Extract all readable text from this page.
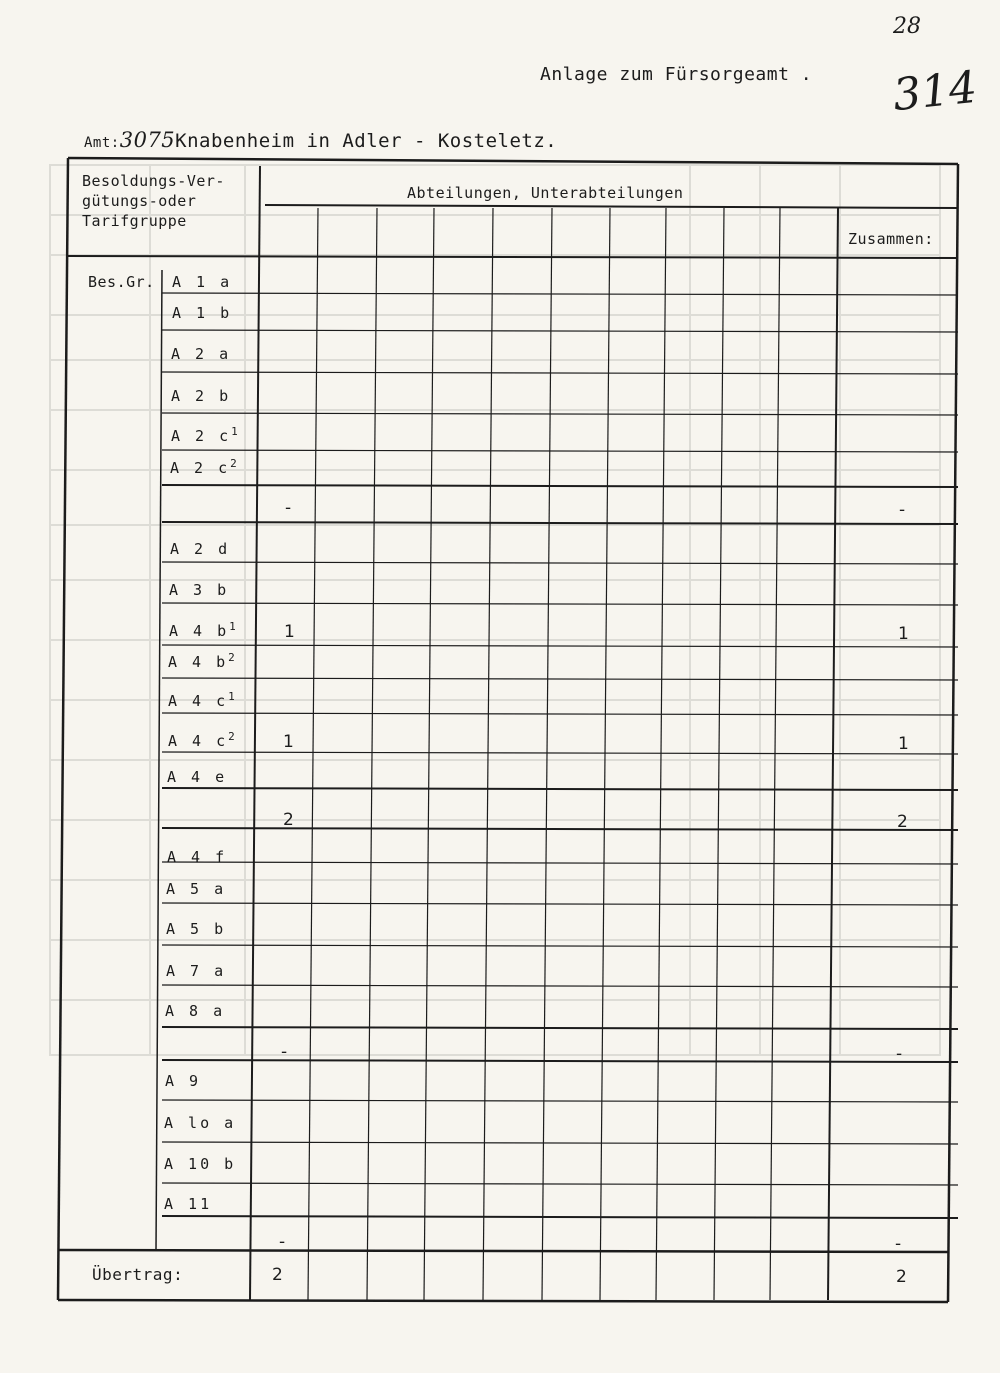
28
314
Anlage zum Fürsorgeamt .
Amt:3075Knabenheim in Adler - Kosteletz.
Besoldungs-Ver- gütungs-oder Tarifgruppe
Abteilungen, Unterabteilungen
Zusammen:
Bes.Gr. A 1 a
A 1 b
A 2 a
A 2 b
A 2 $c^1$
A 2 $c^2$
-	-
A 2 d
A 3 b
A 4 $b^1$	1	1
A 4 $b^2$
A 4 $c^1$
A 4 $c^2$	1	1
A 4 e
2	2
A 4 f
A 5 a
A 5 b
A 7 a
A 8 a
-	-
A 9
A lo a
A 10 b
A 11
-	-
Übertrag:	2	2
